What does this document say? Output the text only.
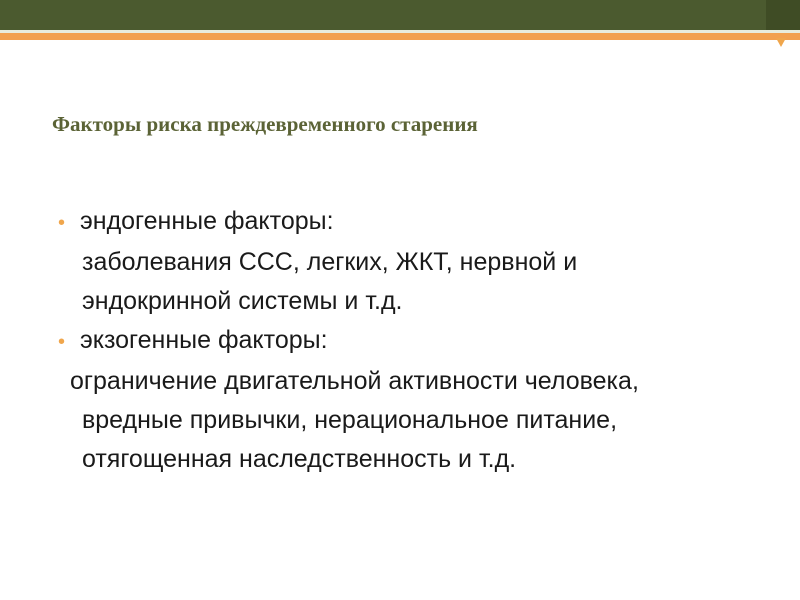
Факторы риска преждевременного старения
• эндогенные факторы:
заболевания ССС, легких, ЖКТ, нервной и
эндокринной системы и т.д.
• экзогенные факторы:
ограничение двигательной активности человека,
вредные привычки, нерациональное питание,
отягощенная наследственность и т.д.
